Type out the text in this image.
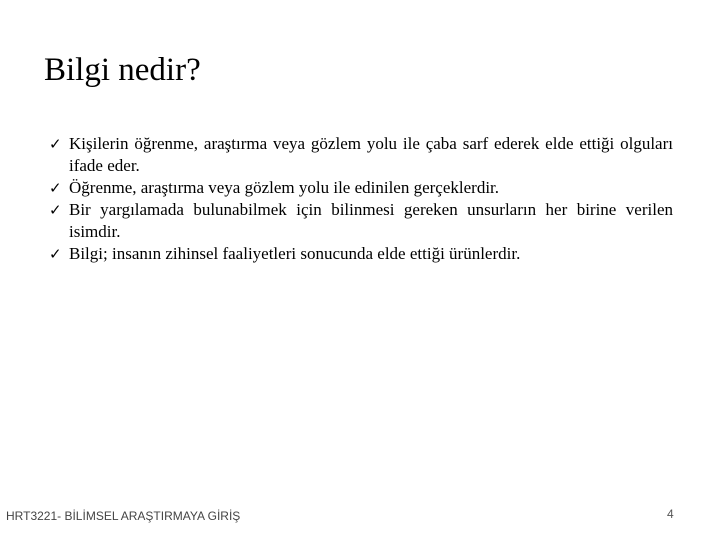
Bilgi nedir?
✓ Kişilerin öğrenme, araştırma veya gözlem yolu ile çaba sarf ederek elde ettiği olguları ifade eder.
✓ Öğrenme, araştırma veya gözlem yolu ile edinilen gerçeklerdir.
✓ Bir yargılamada bulunabilmek için bilinmesi gereken unsurların her birine verilen isimdir.
✓ Bilgi; insanın zihinsel faaliyetleri sonucunda elde ettiği ürünlerdir.
HRT3221- BİLİMSEL ARAŞTIRMAYA GİRİŞ	4
